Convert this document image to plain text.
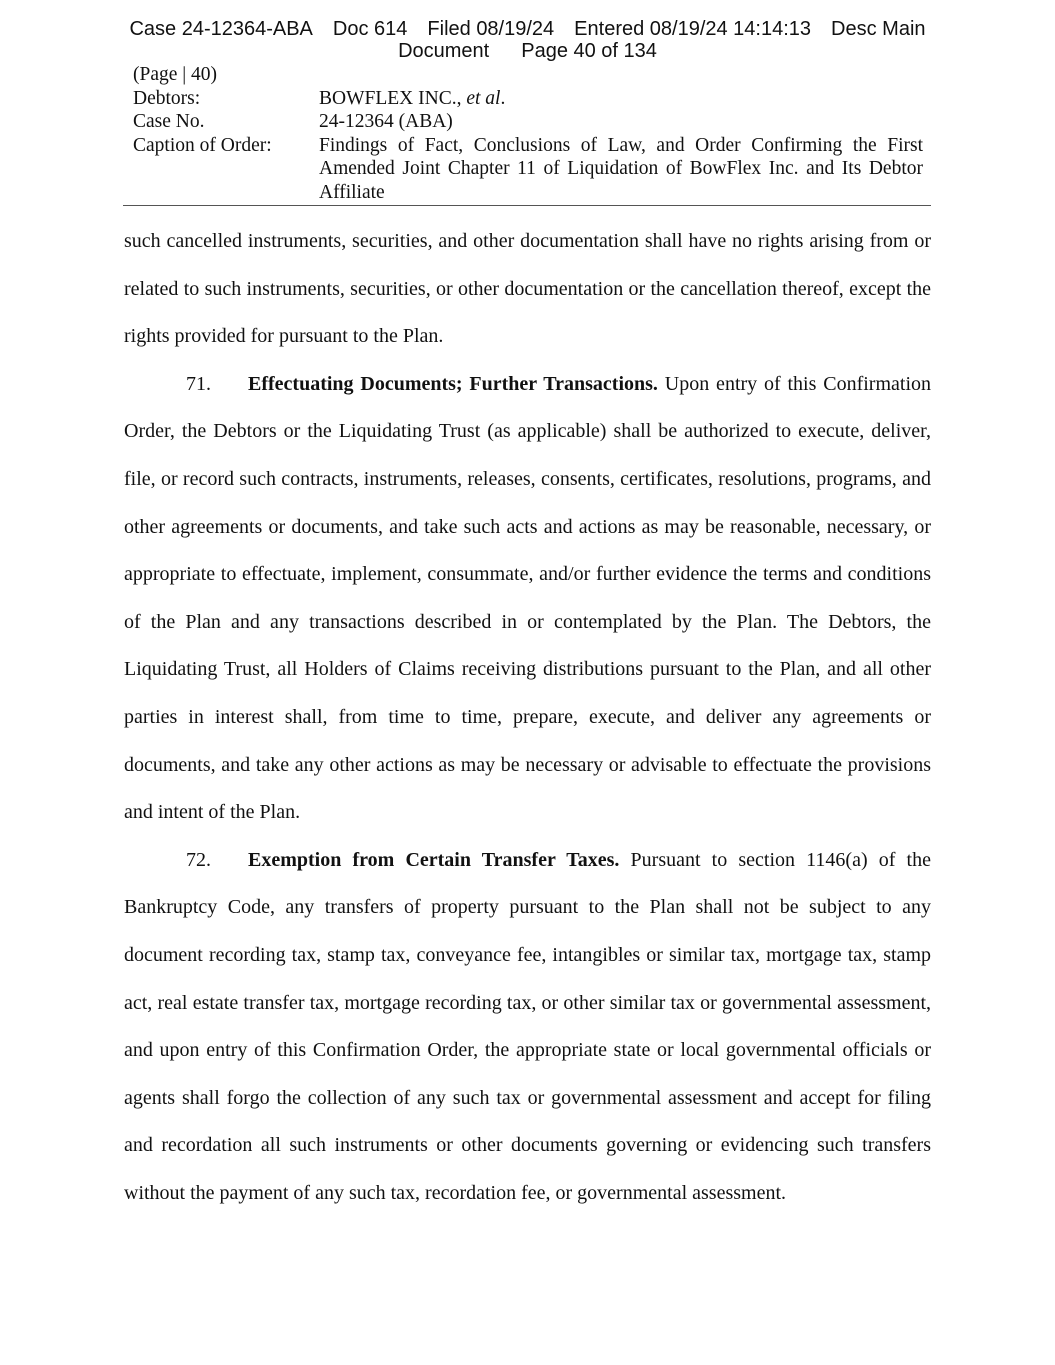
Case 24-12364-ABA Doc 614 Filed 08/19/24 Entered 08/19/24 14:14:13 Desc Main
Document Page 40 of 134
(Page | 40)
Debtors:	BOWFLEX INC., et al.
Case No.	24-12364 (ABA)
Caption of Order:	Findings of Fact, Conclusions of Law, and Order Confirming the First Amended Joint Chapter 11 of Liquidation of BowFlex Inc. and Its Debtor Affiliate

such cancelled instruments, securities, and other documentation shall have no rights arising from or related to such instruments, securities, or other documentation or the cancellation thereof, except the rights provided for pursuant to the Plan.

71. Effectuating Documents; Further Transactions. Upon entry of this Confirmation Order, the Debtors or the Liquidating Trust (as applicable) shall be authorized to execute, deliver, file, or record such contracts, instruments, releases, consents, certificates, resolutions, programs, and other agreements or documents, and take such acts and actions as may be reasonable, necessary, or appropriate to effectuate, implement, consummate, and/or further evidence the terms and conditions of the Plan and any transactions described in or contemplated by the Plan. The Debtors, the Liquidating Trust, all Holders of Claims receiving distributions pursuant to the Plan, and all other parties in interest shall, from time to time, prepare, execute, and deliver any agreements or documents, and take any other actions as may be necessary or advisable to effectuate the provisions and intent of the Plan.

72. Exemption from Certain Transfer Taxes. Pursuant to section 1146(a) of the Bankruptcy Code, any transfers of property pursuant to the Plan shall not be subject to any document recording tax, stamp tax, conveyance fee, intangibles or similar tax, mortgage tax, stamp act, real estate transfer tax, mortgage recording tax, or other similar tax or governmental assessment, and upon entry of this Confirmation Order, the appropriate state or local governmental officials or agents shall forgo the collection of any such tax or governmental assessment and accept for filing and recordation all such instruments or other documents governing or evidencing such transfers without the payment of any such tax, recordation fee, or governmental assessment.
